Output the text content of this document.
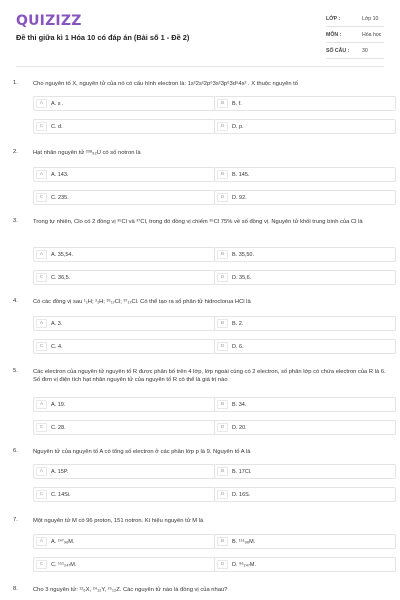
QUIZIZZ
Đề thi giữa kì 1 Hóa 10 có đáp án (Bài số 1 - Đề 2)
LỚP :	Lớp 10
MÔN :	Hóa học
SỐ CÂU : 30
1.	Cho nguyên tố X, nguyên tử của nó có cấu hình electron là: 1s²2s²2p⁶3s²3p⁶3d⁵4s² . X thuộc nguyên tố
A	A. s .	B	B. f.
C	C. d.	D	D. p.
2.	Hạt nhân nguyên tử ²³⁸₉₂U có số notron là
A	A. 143.	B	B. 145.
C	C. 235.	D	D. 92.
3.	Trong tự nhiên, Clo có 2 đồng vị ³⁵Cl và ³⁷Cl, trong đó đồng vị chiếm ³⁵Cl 75% về số đồng vị. Nguyên tử khối trung bình của Cl là
A	A. 35,54.	B	B. 35,50.
C	C. 36,5.	D	D. 35,6.
4.	Có các đồng vị sau ¹₁H; ²₁H; ³⁵₁₇Cl; ³⁷₁₇Cl. Có thể tạo ra số phân tử hidroclorua HCl là
A	A. 3.	B	B. 2.
C	C. 4.	D	D. 6.
5.	Các electron của nguyên tử nguyên tố R được phân bố trên 4 lớp, lớp ngoài cùng có 2 electron, số phân lớp có chứa electron của R là 6. Số đơn vị điện tích hạt nhân nguyên tử của nguyên tố R có thể là giá trị nào
A	A. 19.	B	B. 34.
C	C. 28.	D	D. 20.
6.	Nguyên tử của nguyên tố A có tổng số electron ở các phân lớp p là 9. Nguyên tố A là
A	A. 15P.	B	B. 17Cl.
C	C. 14Si.	D	D. 16S.
7.	Một nguyên tử M có 96 proton, 151 notron. Kí hiệu nguyên tử M là
A	A. ²⁴⁷₉₆M.	B	B. ¹⁵¹₉₆M.
C	C. ¹⁵¹₂₄₇M.	D	D. ⁹⁶₂₄₇M.
8.	Cho 3 nguyên tử: ¹²₆X, ²⁴₁₂Y, ²⁵₁₂Z. Các nguyên tử nào là đồng vị của nhau?
